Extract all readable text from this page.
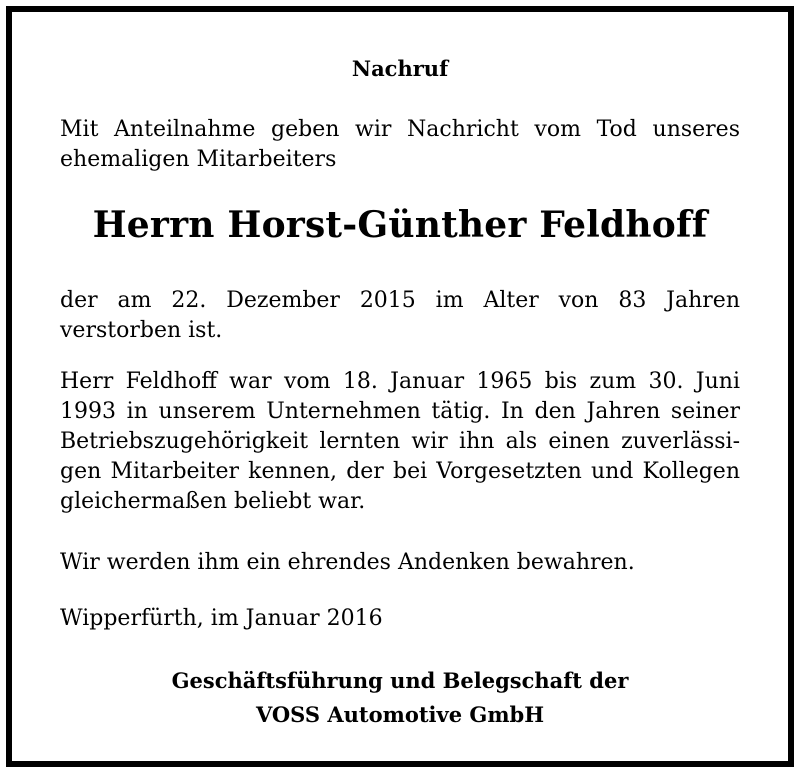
Nachruf
Mit Anteilnahme geben wir Nachricht vom Tod unseres ehemaligen Mitarbeiters
Herrn Horst-Günther Feldhoff
der am 22. Dezember 2015 im Alter von 83 Jahren verstorben ist.
Herr Feldhoff war vom 18. Januar 1965 bis zum 30. Juni 1993 in unserem Unternehmen tätig. In den Jahren seiner Betriebszugehörigkeit lernten wir ihn als einen zuverlässigen Mitarbeiter kennen, der bei Vorgesetzten und Kollegen gleichermaßen beliebt war.
Wir werden ihm ein ehrendes Andenken bewahren.
Wipperfürth, im Januar 2016
Geschäftsführung und Belegschaft der
VOSS Automotive GmbH
